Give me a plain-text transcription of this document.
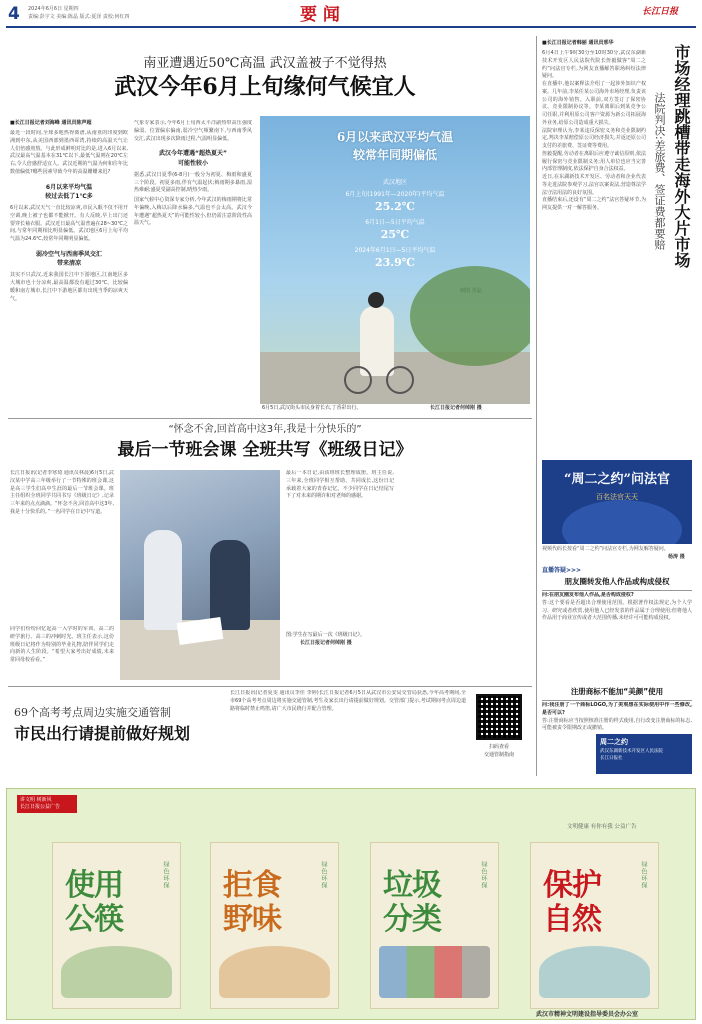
4 2024年6月6日 星期四
责编:彭宇文 美编:陈晶 版式:夏泽 责校:何红四	要 闻	长江日报
南亚遭遇近50℃高温 武汉盖被子不觉得热
武汉今年6月上旬缘何气候宜人
■长江日报记者刘海峰 通讯员陈声超

最近一段时间,全球多地热得离谱,从南亚的印度到欧洲到中东,从美国西部到墨西哥湾,持续的高温天气让人们倍感煎熬。与此形成鲜明对比的是,进入6月以来,武汉最高气温基本在31℃以下,最低气温则在20℃左右,令人倍感舒适宜人。武汉近期的气温为何和往年比数值偏低?哪些因素导致今年的高温姗姗来迟?

6月以来平均气温
较过去低了1℃多

6月以来,武汉天气一直比较凉爽,市民入眠不仅不用开空调,晚上被子也都不能掀开。有人反映,早上出门还要穿长袖衣服。武汉近日最高气温普遍在28~30℃之间,与常年同期相比明显偏低。武汉地区6月上旬平均气温为24.6℃,较常年同期明显偏低。

弱冷空气与西南季风交汇
带来清凉

其实不只武汉,近来我国长江中下游地区,江南地区多大城市也十分凉爽,最高温都没有超过30℃。比较偏暖和南方城市,长江中下游地区都有出现当季的凉爽天气。

气象专家表示,今年6月上旬西太平洋副热带高压强度偏弱、位置偏东偏南,弱冷空气频繁南下,与西南季风交汇,武汉出现多次降雨过程,气温明显偏低。

武汉今年遭遇“超热夏天”
可能性较小

据悉,武汉日夏季(6-8月)一般分为初夏、梅雨和盛夏三个阶段。初夏多雨,伴有气温起伏;梅雨期多暴雨,湿热难耐;盛夏受副高控制,晴热少雨。

国家气候中心资深专家分析,今年武汉的梅雨期将比常年偏晚,入梅以后降水偏多,气温也不会太高。武汉今年遭遇“超热夏天”的可能性较小,但仍需注意阶段性高温天气。

6月以来武汉平均气温
较常年同期偏低
武汉地区
6月上旬(1991年—2020年)平均气温
25.2℃
6月1日—5日平均气温
25℃
2024年6月1日—5日平均气温
23.9℃
6月5日,武汉街头市民身着长衣,丁香彩出行。	长江日报记者何绰刚 摄
■长江日报记者韩丽 通讯员邢华
市场经理跳槽带走海外大片市场
法院判决:差旅费、签证费都要赔

6月4日上午9时30分至10时30分,武汉东湖新技术开发区人民法院代院长詹毅做客“周二之约”问法官专栏,为网友直播解答职场纠纷法律疑问。

在直播中,他以案释法介绍了一起涉外知识产权案。几年前,李某任某公司海外市场经理,负责该公司的海外销售。入职前,双方签订了保密协议、竞业限制协议等。李某离职后到某竞争公司任职,并利用原公司客户资源为新公司拓展海外业务,给原公司造成重大损失。

法院审理认为,李某违反保密义务和竞业限制约定,判决李某赔偿原公司经济损失,并返还原公司支付的差旅费、签证费等费用。

詹毅提醒,劳动者在离职后应遵守诚信原则,依法履行保密与竞业限制义务;用人单位也应当完善内部管理制度,依法保护自身合法权益。

近日,在东湖新技术开发区、劳动者和企业代表等走进法院参观学习,法官以案说法,营造尊法学法守法用法的良好氛围。

直播结束后,还设有“周二之约”法官答疑环节,为网友提供一对一解答服务。

“周二之约”问法官
百名法官天天
视频代码长按看“周二之约”问法官专栏,为网友解答疑问。
杨涛 摄
直播答疑>>>
朋友圈转发他人作品或构成侵权

问:在朋友圈发布他人作品,是否构成侵权?

答:这个要看是否超出合理使用范围。根据著作权法规定,为个人学习、研究或者欣赏,使用他人已经发表的作品属于合理使用;但将他人作品用于商业宣传或者大范围传播,未经许可可能构成侵权。

注册商标不能加“美颜”使用

问:我注册了一个商标LOGO,为了美观想在实际使用中作一些修改,是否可以?

答:注册商标应当按照核准注册的样式使用,自行改变注册商标的标志,可能被责令限期改正或撤销。

周二之约
武汉东湖新技术开发区人民法院
长江日报社
“怀念不舍,回首高中这3年,我是十分快乐的”
最后一节班会课 全班共写《班级日记》
长江日报讯(记者李寒琦 通讯员林晨)6月5日,武汉某中学高三年级举行了一节特殊的班会课,这是高三学生们高中生涯的最后一节班会课。班主任组织全班同学共同书写《班级日记》,记录三年来的点点滴滴。“怀念不舍,回首高中这3年,我是十分快乐的。”一名同学在日记中写道。
同学们纷纷回忆起高一入学时的军训、高二的研学旅行、高三的冲刺时光。班主任表示,这份班级日记将作为特别的毕业礼物,陪伴同学们走向新的人生阶段。“希望大家考出好成绩,未来常回母校看看。”
最后一本日记,由该班班长整理成册。班主任说,三年来,全班同学相互帮助、共同成长,这份日记承载着大家的青春记忆。不少同学在日记结尾写下了对未来的期许和对老师的感谢。
图:学生在写最后一次《班级日记》。
长江日报记者何绰刚 摄
69个高考考点周边实施交通管制
市民出行请提前做好规划
长江日报讯(记者夏雯 通讯员李佳 李婷)长江日报记者6月5日从武汉市公安局交管局获悉,今年高考期间,全市69个高考考点周边将实施交通管制,考生及家长出行请提前做好规划。交管部门提示,考试期间考点周边道路将临时禁止鸣笛,请广大市民绕行并配合管理。
扫码查看
交通管制指南
讲文明 树新风
长江日报公益广告
文明健康 有你有我 公益广告
使用
公筷
绿色环保 拒食
野味
绿色环保 垃圾
分类
绿色环保 保护
自然
绿色环保
武汉市精神文明建设指导委员会办公室
